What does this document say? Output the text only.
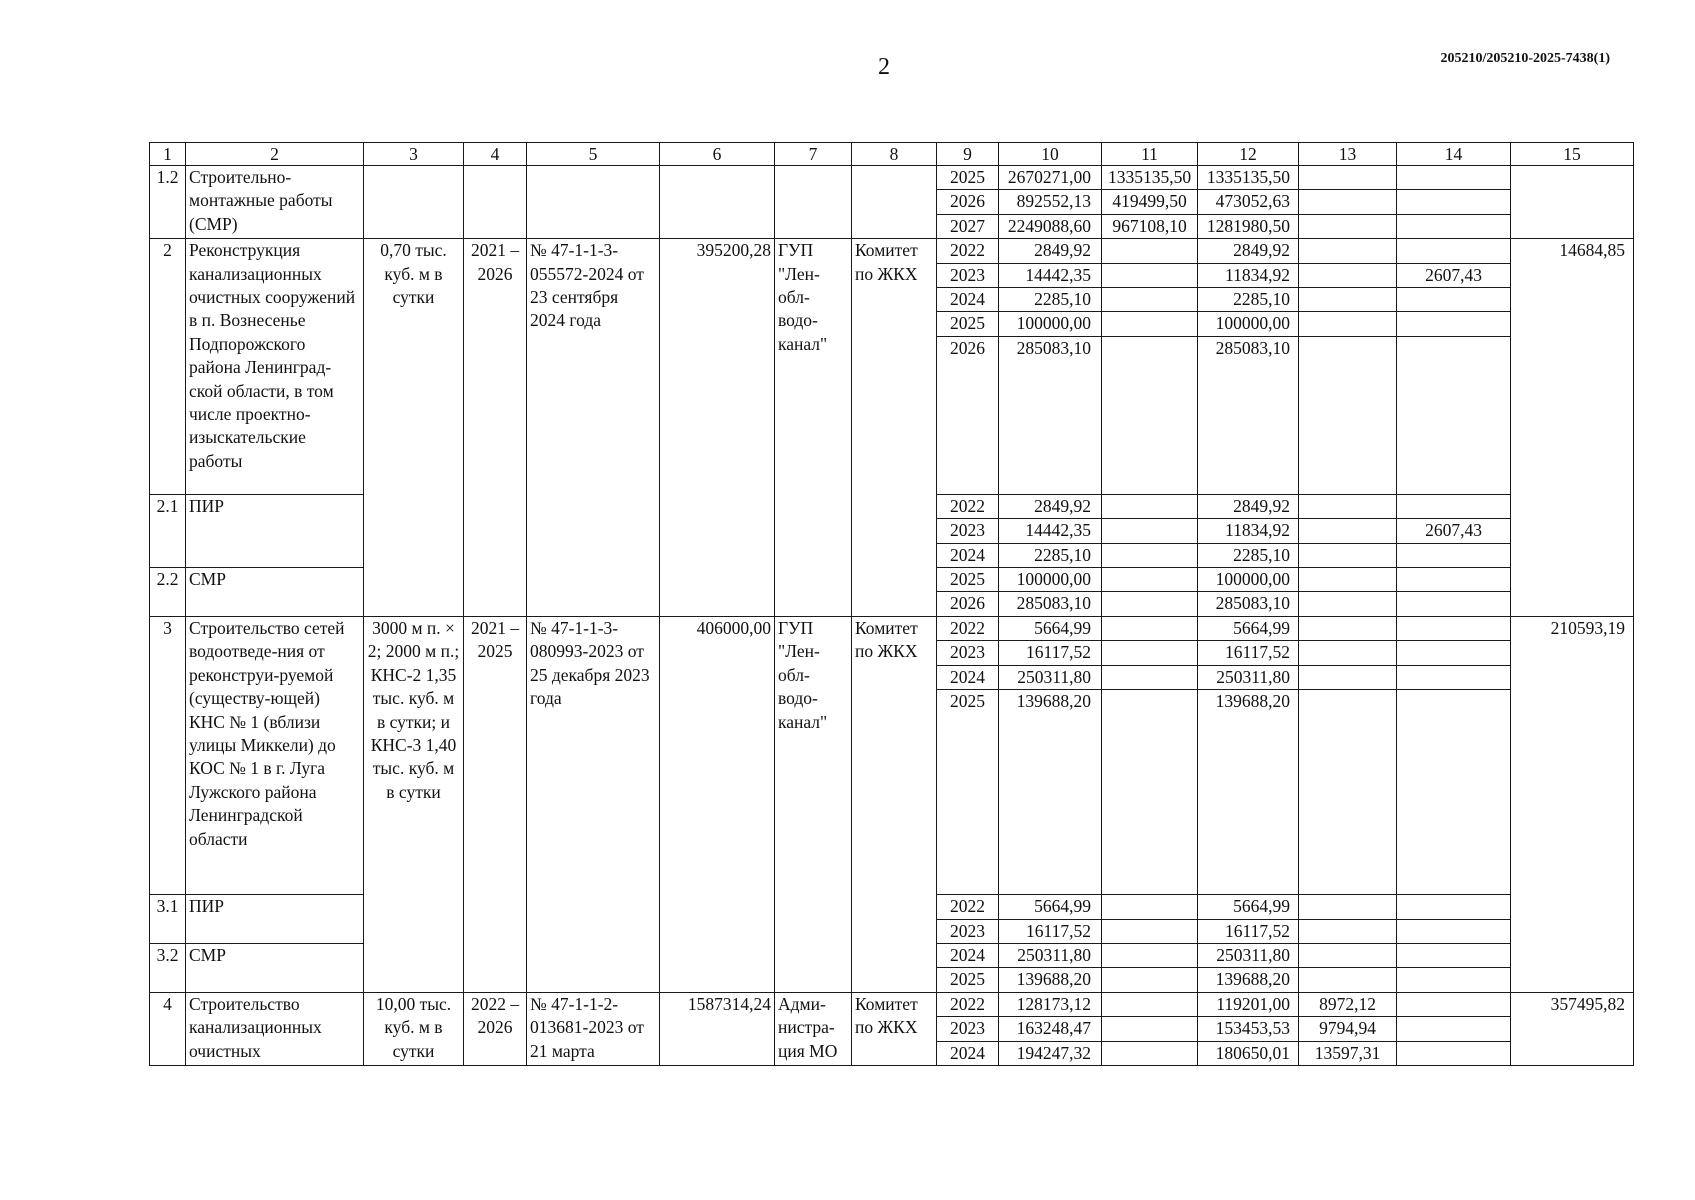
2	205210/205210-2025-7438(1)
1	2	3	4	5	6	7	8	9	10	11	12	13	14	15
1.2	Строительно-монтажные работы (СМР)							2025	2670271,00	1335135,50	1335135,50			
								2026	892552,13	419499,50	473052,63			
								2027	2249088,60	967108,10	1281980,50			
2	Реконструкция канализационных очистных сооружений в п. Вознесенье Подпорожского района Ленинград-ской области, в том числе проектно-изыскательские работы	0,70 тыс. куб. м в сутки	2021 – 2026	№ 47-1-1-3-055572-2024 от 23 сентября 2024 года	395200,28	ГУП "Лен-обл-водо-канал"	Комитет по ЖКХ	2022	2849,92		2849,92			14684,85
								2023	14442,35		11834,92		2607,43	
								2024	2285,10		2285,10			
								2025	100000,00		100000,00			
								2026	285083,10		285083,10			
2.1	ПИР							2022	2849,92		2849,92			
								2023	14442,35		11834,92		2607,43	
								2024	2285,10		2285,10			
2.2	СМР							2025	100000,00		100000,00			
								2026	285083,10		285083,10			
3	Строительство сетей водоотведе-ния от реконструи-руемой (существу-ющей) КНС № 1 (вблизи улицы Миккели) до КОС № 1 в г. Луга Лужского района Ленинградской области	3000 м п. × 2; 2000 м п.; КНС-2 1,35 тыс. куб. м в сутки; и КНС-3 1,40 тыс. куб. м в сутки	2021 – 2025	№ 47-1-1-3-080993-2023 от 25 декабря 2023 года	406000,00	ГУП "Лен-обл-водо-канал"	Комитет по ЖКХ	2022	5664,99		5664,99			210593,19
								2023	16117,52		16117,52			
								2024	250311,80		250311,80			
								2025	139688,20		139688,20			
3.1	ПИР							2022	5664,99		5664,99			
								2023	16117,52		16117,52			
3.2	СМР							2024	250311,80		250311,80			
								2025	139688,20		139688,20			
4	Строительство канализационных очистных	10,00 тыс. куб. м в сутки	2022 – 2026	№ 47-1-1-2-013681-2023 от 21 марта	1587314,24	Адми-нистра-ция МО	Комитет по ЖКХ	2022	128173,12		119201,00	8972,12		357495,82
								2023	163248,47		153453,53	9794,94		
								2024	194247,32		180650,01	13597,31		
